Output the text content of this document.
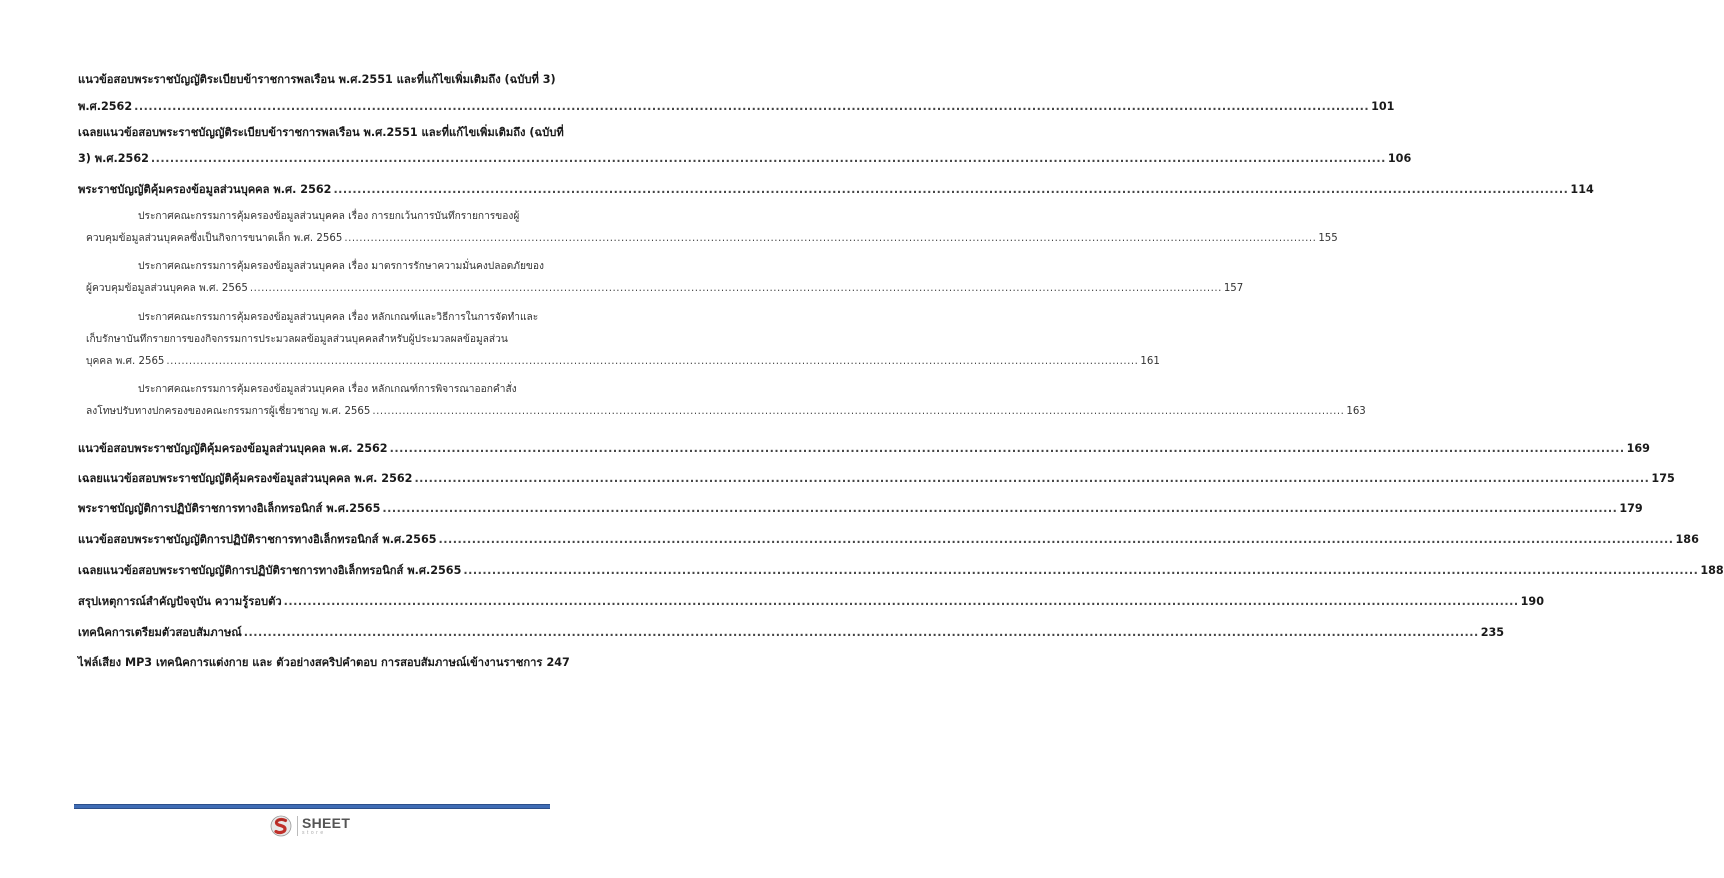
แนวข้อสอบพระราชบัญญัติระเบียบข้าราชการพลเรือน พ.ศ.2551 และที่แก้ไขเพิ่มเติมถึง (ฉบับที่ 3)
พ.ศ.2562 .....	101
เฉลยแนวข้อสอบพระราชบัญญัติระเบียบข้าราชการพลเรือน พ.ศ.2551 และที่แก้ไขเพิ่มเติมถึง (ฉบับที่
3) พ.ศ.2562 .....	106
พระราชบัญญัติคุ้มครองข้อมูลส่วนบุคคล พ.ศ. 2562 .....	114
ประกาศคณะกรรมการคุ้มครองข้อมูลส่วนบุคคล เรื่อง การยกเว้นการบันทึกรายการของผู้
ควบคุมข้อมูลส่วนบุคคลซึ่งเป็นกิจการขนาดเล็ก พ.ศ. 2565 .....	155
ประกาศคณะกรรมการคุ้มครองข้อมูลส่วนบุคคล เรื่อง มาตรการรักษาความมั่นคงปลอดภัยของ
ผู้ควบคุมข้อมูลส่วนบุคคล พ.ศ. 2565 .....	157
ประกาศคณะกรรมการคุ้มครองข้อมูลส่วนบุคคล เรื่อง หลักเกณฑ์และวิธีการในการจัดทำและ
เก็บรักษาบันทึกรายการของกิจกรรมการประมวลผลข้อมูลส่วนบุคคลสำหรับผู้ประมวลผลข้อมูลส่วน
บุคคล พ.ศ. 2565 .....	161
ประกาศคณะกรรมการคุ้มครองข้อมูลส่วนบุคคล เรื่อง หลักเกณฑ์การพิจารณาออกคำสั่ง
ลงโทษปรับทางปกครองของคณะกรรมการผู้เชี่ยวชาญ พ.ศ. 2565 .....	163
แนวข้อสอบพระราชบัญญัติคุ้มครองข้อมูลส่วนบุคคล พ.ศ. 2562 .....	169
เฉลยแนวข้อสอบพระราชบัญญัติคุ้มครองข้อมูลส่วนบุคคล พ.ศ. 2562 .....	175
พระราชบัญญัติการปฏิบัติราชการทางอิเล็กทรอนิกส์ พ.ศ.2565 .....	179
แนวข้อสอบพระราชบัญญัติการปฏิบัติราชการทางอิเล็กทรอนิกส์ พ.ศ.2565 .....	186
เฉลยแนวข้อสอบพระราชบัญญัติการปฏิบัติราชการทางอิเล็กทรอนิกส์ พ.ศ.2565 .....	188
สรุปเหตุการณ์สำคัญปัจจุบัน ความรู้รอบตัว .....	190
เทคนิคการเตรียมตัวสอบสัมภาษณ์ .....	235
ไฟล์เสียง MP3 เทคนิคการแต่งกาย และ ตัวอย่างสคริปคำตอบ การสอบสัมภาษณ์เข้างานราชการ 247
SHEET
store
